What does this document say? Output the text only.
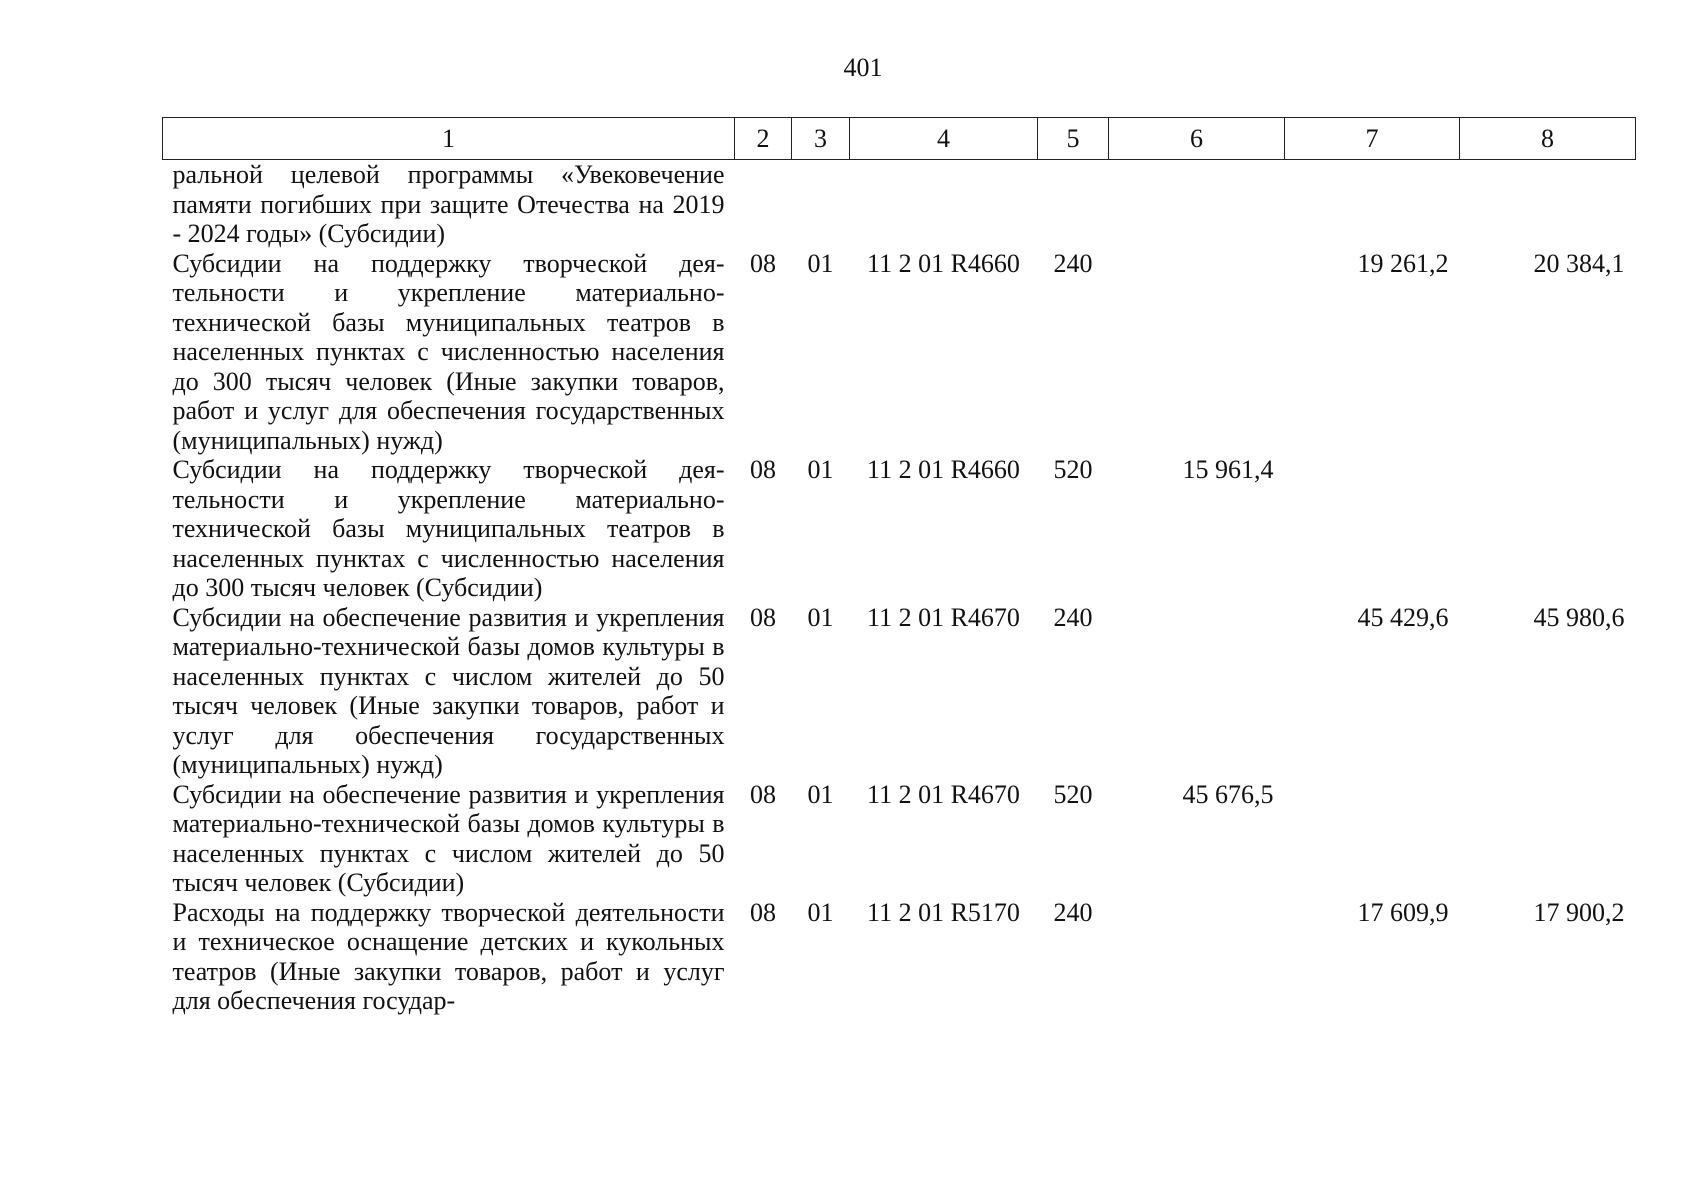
401
1	2	3	4	5	6	7	8
ральной целевой программы «Увековечение памяти погибших при защите Отечества на 2019 - 2024 годы» (Субсидии)							
Субсидии на поддержку творческой деятельности и укрепление материально-технической базы муниципальных театров в населенных пунктах с численностью населения до 300 тысяч человек (Иные закупки товаров, работ и услуг для обеспечения государственных (муниципальных) нужд)	08	01	11 2 01 R4660	240		19 261,2	20 384,1
Субсидии на поддержку творческой деятельности и укрепление материально-технической базы муниципальных театров в населенных пунктах с численностью населения до 300 тысяч человек (Субсидии)	08	01	11 2 01 R4660	520	15 961,4		
Субсидии на обеспечение развития и укрепления материально-технической базы домов культуры в населенных пунктах с числом жителей до 50 тысяч человек (Иные закупки товаров, работ и услуг для обеспечения государственных (муниципальных) нужд)	08	01	11 2 01 R4670	240		45 429,6	45 980,6
Субсидии на обеспечение развития и укрепления материально-технической базы домов культуры в населенных пунктах с числом жителей до 50 тысяч человек (Субсидии)	08	01	11 2 01 R4670	520	45 676,5		
Расходы на поддержку творческой деятельности и техническое оснащение детских и кукольных театров (Иные закупки товаров, работ и услуг для обеспечения государ-	08	01	11 2 01 R5170	240		17 609,9	17 900,2
